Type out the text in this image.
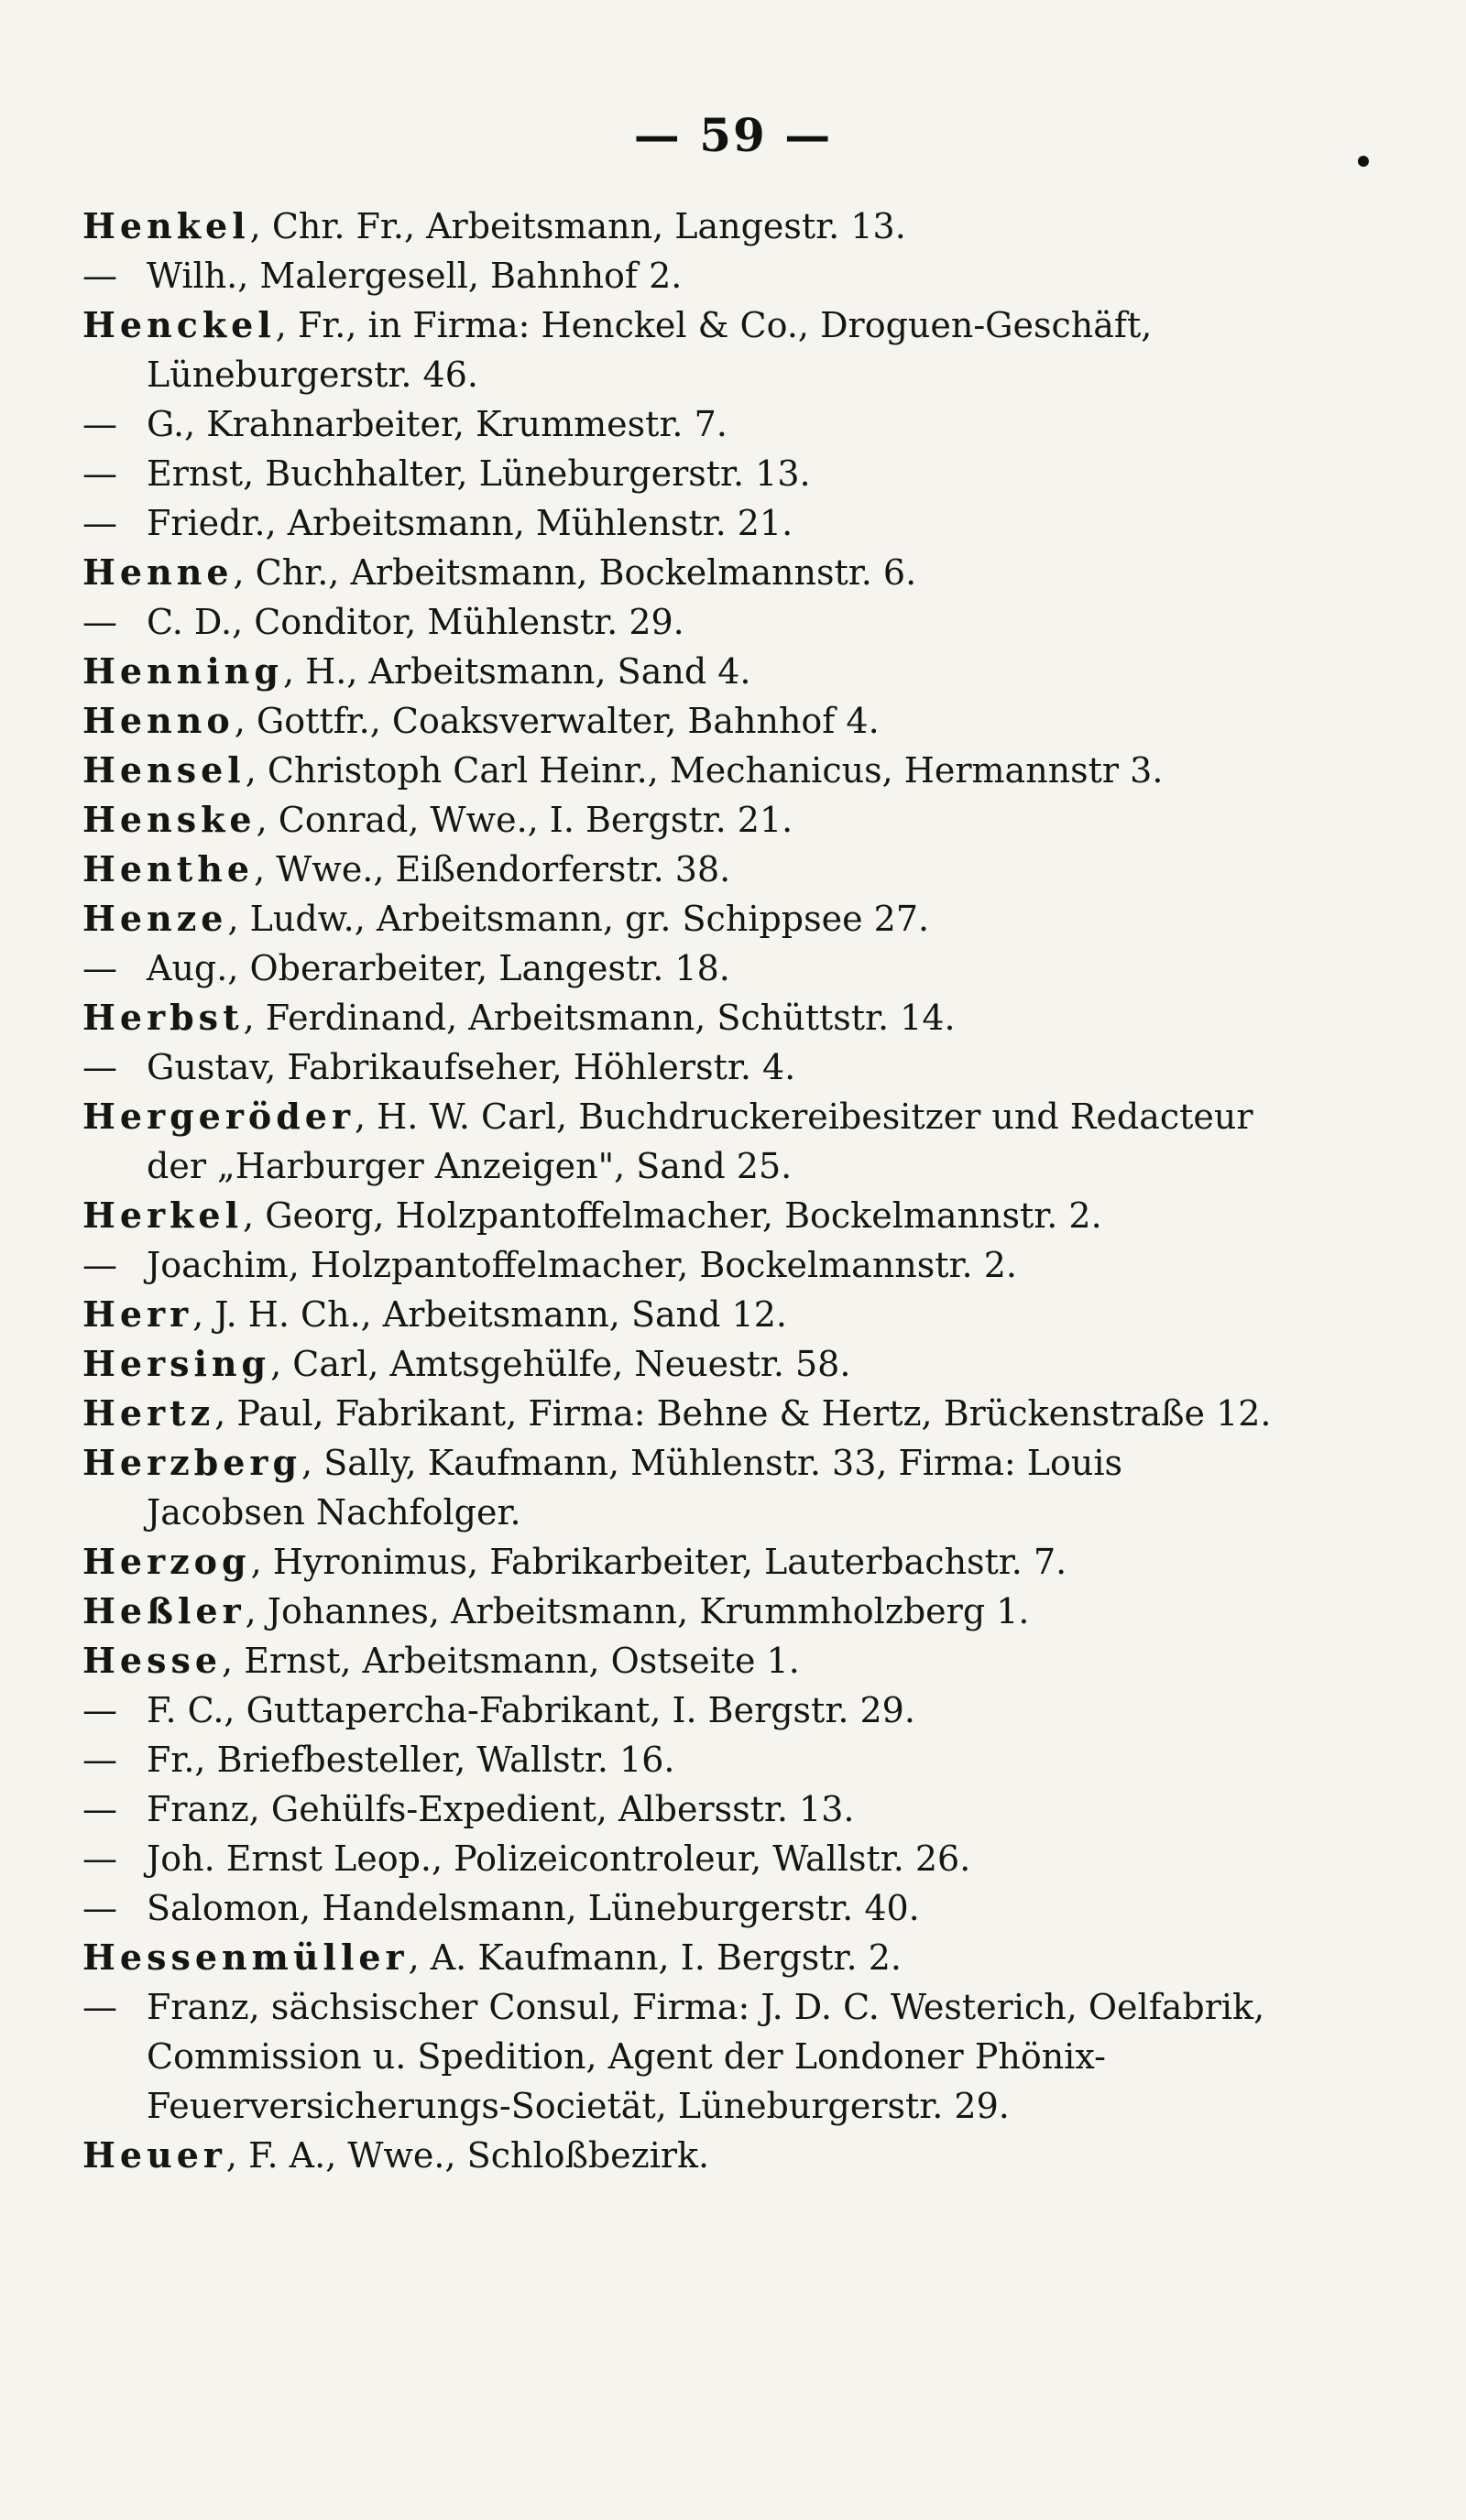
— 59 —
Henkel, Chr. Fr., Arbeitsmann, Langestr. 13.
— Wilh., Malergesell, Bahnhof 2.
Henckel, Fr., in Firma: Henckel & Co., Droguen-Geschäft, Lüneburgerstr. 46.
— G., Krahnarbeiter, Krummestr. 7.
— Ernst, Buchhalter, Lüneburgerstr. 13.
— Friedr., Arbeitsmann, Mühlenstr. 21.
Henne, Chr., Arbeitsmann, Bockelmannstr. 6.
— C. D., Conditor, Mühlenstr. 29.
Henning, H., Arbeitsmann, Sand 4.
Henno, Gottfr., Coaksverwalter, Bahnhof 4.
Hensel, Christoph Carl Heinr., Mechanicus, Hermannstr 3.
Henske, Conrad, Wwe., I. Bergstr. 21.
Henthe, Wwe., Eißendorferstr. 38.
Henze, Ludw., Arbeitsmann, gr. Schippsee 27.
— Aug., Oberarbeiter, Langestr. 18.
Herbst, Ferdinand, Arbeitsmann, Schüttstr. 14.
— Gustav, Fabrikaufseher, Höhlerstr. 4.
Hergeröder, H. W. Carl, Buchdruckereibesitzer und Redacteur der „Harburger Anzeigen", Sand 25.
Herkel, Georg, Holzpantoffelmacher, Bockelmannstr. 2.
— Joachim, Holzpantoffelmacher, Bockelmannstr. 2.
Herr, J. H. Ch., Arbeitsmann, Sand 12.
Hersing, Carl, Amtsgehülfe, Neuestr. 58.
Hertz, Paul, Fabrikant, Firma: Behne & Hertz, Brückenstraße 12.
Herzberg, Sally, Kaufmann, Mühlenstr. 33, Firma: Louis Jacobsen Nachfolger.
Herzog, Hyronimus, Fabrikarbeiter, Lauterbachstr. 7.
Heßler, Johannes, Arbeitsmann, Krummholzberg 1.
Hesse, Ernst, Arbeitsmann, Ostseite 1.
— F. C., Guttapercha-Fabrikant, I. Bergstr. 29.
— Fr., Briefbesteller, Wallstr. 16.
— Franz, Gehülfs-Expedient, Albersstr. 13.
— Joh. Ernst Leop., Polizeicontroleur, Wallstr. 26.
— Salomon, Handelsmann, Lüneburgerstr. 40.
Hessenmüller, A. Kaufmann, I. Bergstr. 2.
— Franz, sächsischer Consul, Firma: J. D. C. Westerich, Oelfabrik, Commission u. Spedition, Agent der Londoner Phönix-Feuerversicherungs-Societät, Lüneburgerstr. 29.
Heuer, F. A., Wwe., Schloßbezirk.
